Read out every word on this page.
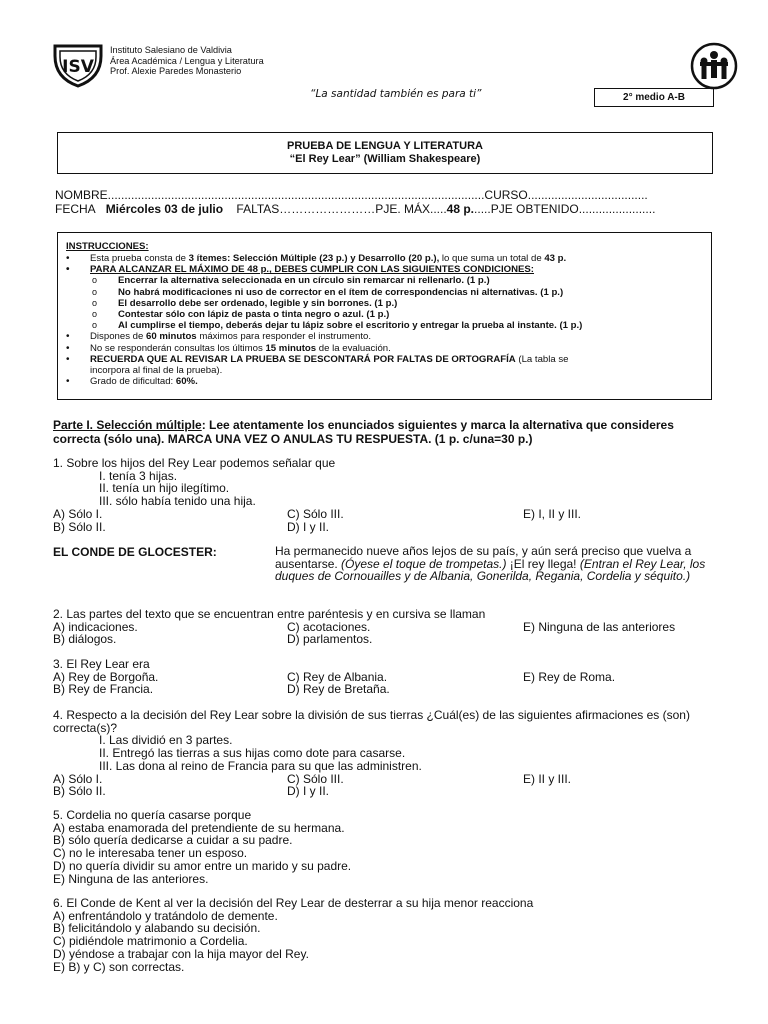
ISV
Instituto Salesiano de Valdivia
Área Académica / Lengua y Literatura
Prof. Alexie Paredes Monasterio
“La santidad también es para ti”	2° medio A-B
PRUEBA DE LENGUA Y LITERATURA
“El Rey Lear” (William Shakespeare)
NOMBRE.................................................................................................................CURSO....................................
FECHA Miércoles 03 de julio FALTAS……………………PJE. MÁX.....48 p......PJE OBTENIDO.......................
INSTRUCCIONES:
• Esta prueba consta de 3 ítemes: Selección Múltiple (23 p.) y Desarrollo (20 p.), lo que suma un total de 43 p.
• PARA ALCANZAR EL MÁXIMO DE 48 p., DEBES CUMPLIR CON LAS SIGUIENTES CONDICIONES:
o Encerrar la alternativa seleccionada en un círculo sin remarcar ni rellenarlo. (1 p.)
o No habrá modificaciones ni uso de corrector en el ítem de correspondencias ni alternativas. (1 p.)
o El desarrollo debe ser ordenado, legible y sin borrones. (1 p.)
o Contestar sólo con lápiz de pasta o tinta negro o azul. (1 p.)
o Al cumplirse el tiempo, deberás dejar tu lápiz sobre el escritorio y entregar la prueba al instante. (1 p.)
• Dispones de 60 minutos máximos para responder el instrumento.
• No se responderán consultas los últimos 15 minutos de la evaluación.
• RECUERDA QUE AL REVISAR LA PRUEBA SE DESCONTARÁ POR FALTAS DE ORTOGRAFÍA (La tabla se
incorpora al final de la prueba).
• Grado de dificultad: 60%.
Parte I. Selección múltiple: Lee atentamente los enunciados siguientes y marca la alternativa que consideres correcta (sólo una). MARCA UNA VEZ O ANULAS TU RESPUESTA. (1 p. c/una=30 p.)
1. Sobre los hijos del Rey Lear podemos señalar que
I. tenía 3 hijas.
II. tenía un hijo ilegítimo.
III. sólo había tenido una hija.
A) Sólo I.	C) Sólo III.	E) I, II y III.
B) Sólo II.	D) I y II.
EL CONDE DE GLOCESTER:	Ha permanecido nueve años lejos de su país, y aún será preciso que vuelva a ausentarse. (Óyese el toque de trompetas.) ¡El rey llega! (Entran el Rey Lear, los duques de Cornouailles y de Albania, Gonerilda, Regania, Cordelia y séquito.)
2. Las partes del texto que se encuentran entre paréntesis y en cursiva se llaman
A) indicaciones.	C) acotaciones.	E) Ninguna de las anteriores
B) diálogos.	D) parlamentos.
3. El Rey Lear era
A) Rey de Borgoña.	C) Rey de Albania.	E) Rey de Roma.
B) Rey de Francia.	D) Rey de Bretaña.
4. Respecto a la decisión del Rey Lear sobre la división de sus tierras ¿Cuál(es) de las siguientes afirmaciones es (son)
correcta(s)?
I. Las dividió en 3 partes.
II. Entregó las tierras a sus hijas como dote para casarse.
III. Las dona al reino de Francia para su que las administren.
A) Sólo I.	C) Sólo III.	E) II y III.
B) Sólo II.	D) I y II.
5. Cordelia no quería casarse porque
A) estaba enamorada del pretendiente de su hermana.
B) sólo quería dedicarse a cuidar a su padre.
C) no le interesaba tener un esposo.
D) no quería dividir su amor entre un marido y su padre.
E) Ninguna de las anteriores.
6. El Conde de Kent al ver la decisión del Rey Lear de desterrar a su hija menor reacciona
A) enfrentándolo y tratándolo de demente.
B) felicitándolo y alabando su decisión.
C) pidiéndole matrimonio a Cordelia.
D) yéndose a trabajar con la hija mayor del Rey.
E) B) y C) son correctas.
